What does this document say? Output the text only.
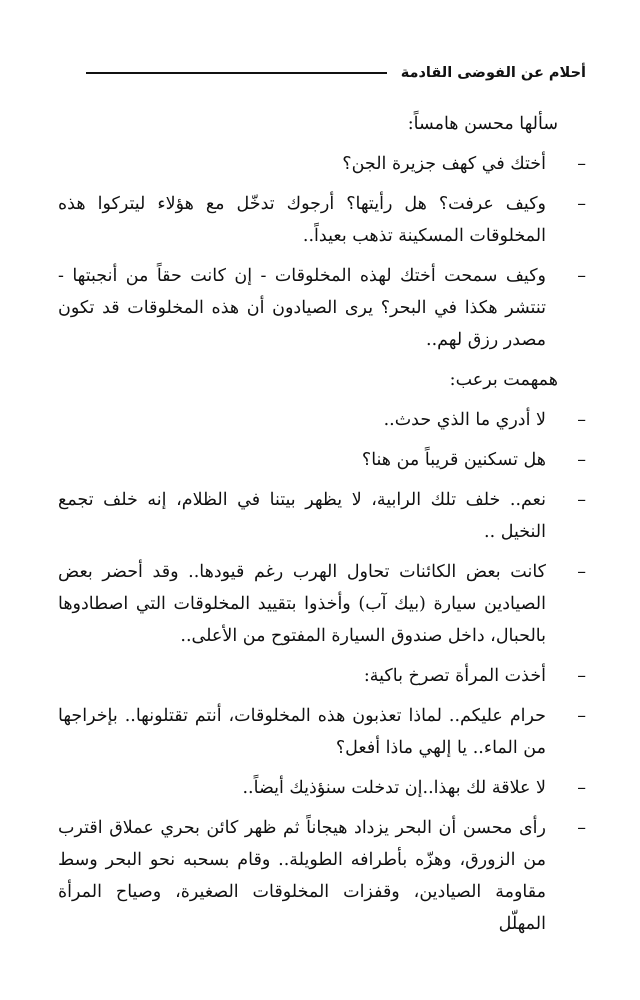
أحلام عن الفوضى القادمة

سألها محسن هامساً:

–
أختك في كهف جزيرة الجن؟

–
وكيف عرفت؟ هل رأيتها؟ أرجوك تدخّل مع هؤلاء ليتركوا هذه المخلوقات المسكينة تذهب بعيداً..

–
وكيف سمحت أختك لهذه المخلوقات - إن كانت حقاً من أنجبتها - تنتشر هكذا في البحر؟ يرى الصيادون أن هذه المخلوقات قد تكون مصدر رزق لهم..

همهمت برعب:

–
لا أدري ما الذي حدث..

–
هل تسكنين قريباً من هنا؟

–
نعم.. خلف تلك الرابية، لا يظهر بيتنا في الظلام، إنه خلف تجمع النخيل ..

–
كانت بعض الكائنات تحاول الهرب رغم قيودها.. وقد أحضر بعض الصيادين سيارة (بيك آب) وأخذوا بتقييد المخلوقات التي اصطادوها بالحبال، داخل صندوق السيارة المفتوح من الأعلى..

–
أخذت المرأة تصرخ باكية:

–
حرام عليكم.. لماذا تعذبون هذه المخلوقات، أنتم تقتلونها.. بإخراجها من الماء.. يا إلهي ماذا أفعل؟

–
لا علاقة لك بهذا..إن تدخلت سنؤذيك أيضاً..

–
رأى محسن أن البحر يزداد هيجاناً ثم ظهر كائن بحري عملاق اقترب من الزورق، وهزّه بأطرافه الطويلة.. وقام بسحبه نحو البحر وسط مقاومة الصيادين، وقفزات المخلوقات الصغيرة، وصياح المرأة المهلّل
